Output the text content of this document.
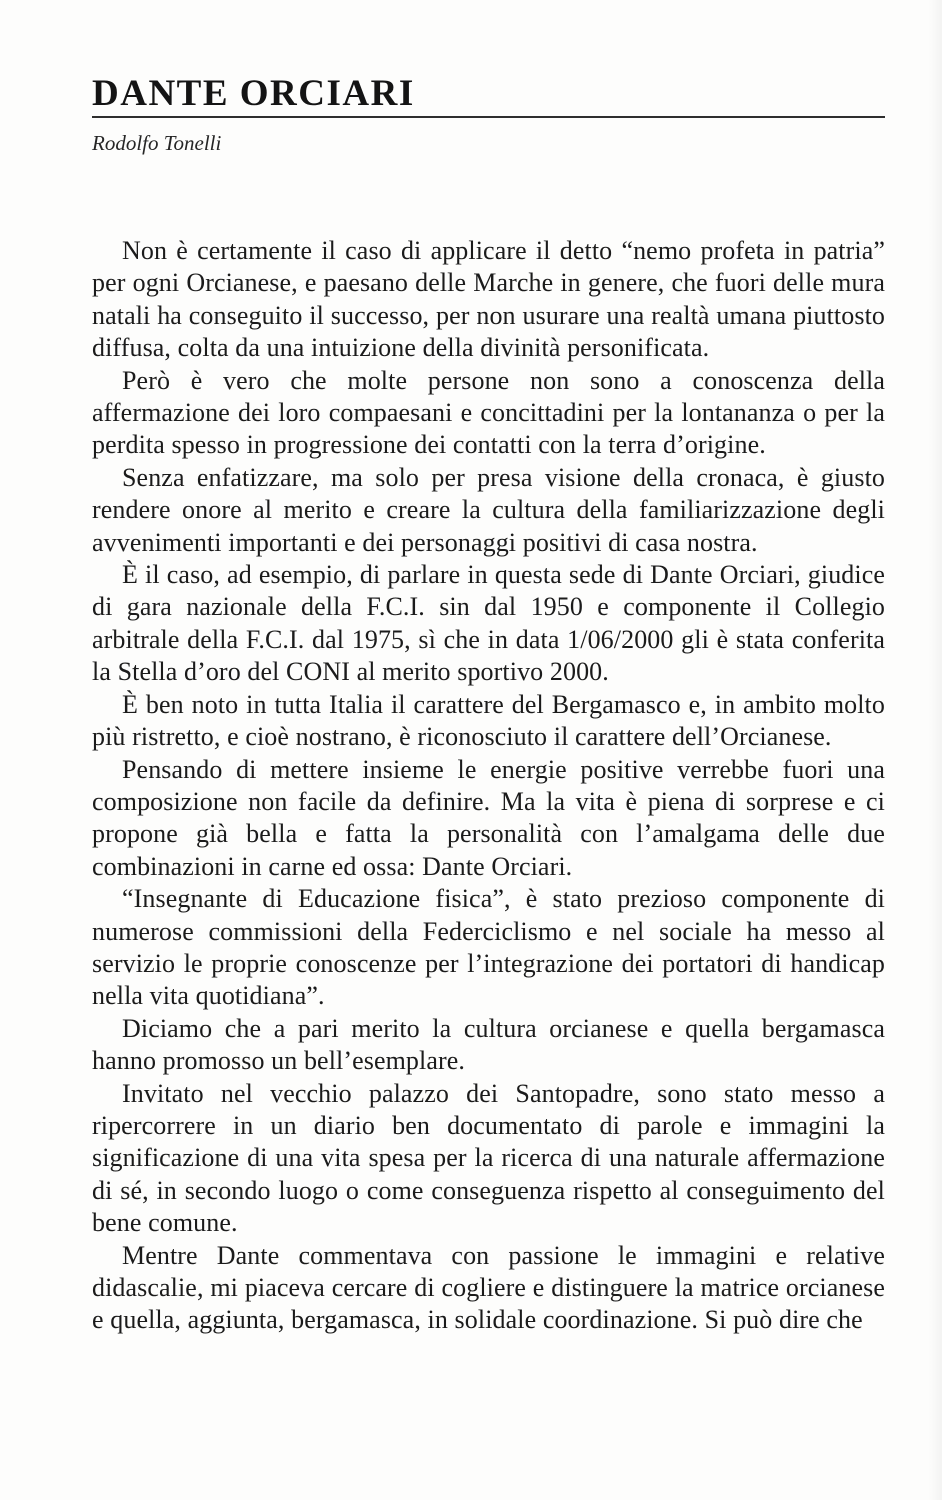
DANTE ORCIARI
Rodolfo Tonelli

Non è certamente il caso di applicare il detto “nemo profeta in patria” per ogni Orcianese, e paesano delle Marche in genere, che fuori delle mura natali ha conseguito il successo, per non usurare una realtà umana piuttosto diffusa, colta da una intuizione della divinità personificata.

Però è vero che molte persone non sono a conoscenza della affermazione dei loro compaesani e concittadini per la lontananza o per la perdita spesso in progressione dei contatti con la terra d’origine.

Senza enfatizzare, ma solo per presa visione della cronaca, è giusto rendere onore al merito e creare la cultura della familiarizzazione degli avvenimenti importanti e dei personaggi positivi di casa nostra.

È il caso, ad esempio, di parlare in questa sede di Dante Orciari, giudice di gara nazionale della F.C.I. sin dal 1950 e componente il Collegio arbitrale della F.C.I. dal 1975, sì che in data 1/06/2000 gli è stata conferita la Stella d’oro del CONI al merito sportivo 2000.

È ben noto in tutta Italia il carattere del Bergamasco e, in ambito molto più ristretto, e cioè nostrano, è riconosciuto il carattere dell’Orcianese.

Pensando di mettere insieme le energie positive verrebbe fuori una composizione non facile da definire. Ma la vita è piena di sorprese e ci propone già bella e fatta la personalità con l’amalgama delle due combinazioni in carne ed ossa: Dante Orciari.

“Insegnante di Educazione fisica”, è stato prezioso componente di numerose commissioni della Federciclismo e nel sociale ha messo al servizio le proprie conoscenze per l’integrazione dei portatori di handicap nella vita quotidiana”.

Diciamo che a pari merito la cultura orcianese e quella bergamasca hanno promosso un bell’esemplare.

Invitato nel vecchio palazzo dei Santopadre, sono stato messo a ripercorrere in un diario ben documentato di parole e immagini la significazione di una vita spesa per la ricerca di una naturale affermazione di sé, in secondo luogo o come conseguenza rispetto al conseguimento del bene comune.

Mentre Dante commentava con passione le immagini e relative didascalie, mi piaceva cercare di cogliere e distinguere la matrice orcianese e quella, aggiunta, bergamasca, in solidale coordinazione. Si può dire che
